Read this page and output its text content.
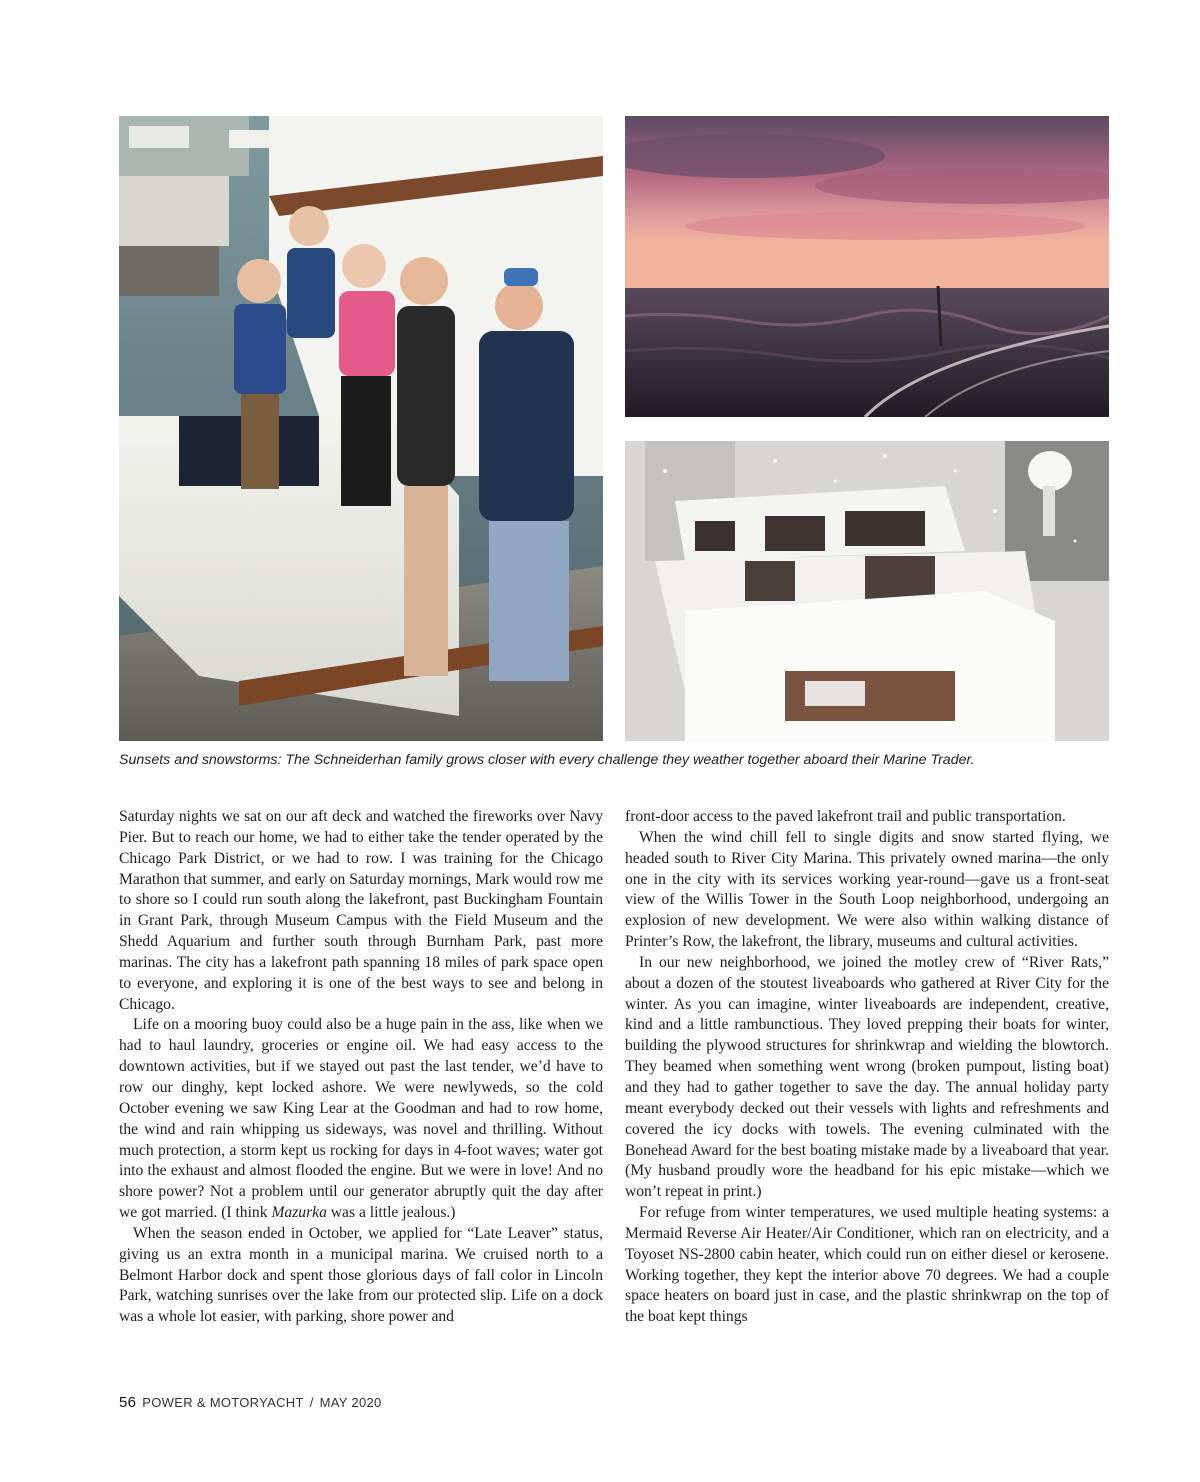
Sunsets and snowstorms: The Schneiderhan family grows closer with every challenge they weather together aboard their Marine Trader.

Saturday nights we sat on our aft deck and watched the fireworks over Navy Pier. But to reach our home, we had to either take the tender operated by the Chicago Park District, or we had to row. I was training for the Chicago Marathon that summer, and early on Saturday mornings, Mark would row me to shore so I could run south along the lakefront, past Buckingham Fountain in Grant Park, through Museum Campus with the Field Museum and the Shedd Aquarium and further south through Burnham Park, past more marinas. The city has a lakefront path spanning 18 miles of park space open to everyone, and exploring it is one of the best ways to see and belong in Chicago.

Life on a mooring buoy could also be a huge pain in the ass, like when we had to haul laundry, groceries or engine oil. We had easy access to the downtown activities, but if we stayed out past the last tender, we’d have to row our dinghy, kept locked ashore. We were newlyweds, so the cold October evening we saw King Lear at the Goodman and had to row home, the wind and rain whipping us sideways, was novel and thrilling. Without much protection, a storm kept us rocking for days in 4-foot waves; water got into the exhaust and almost flooded the engine. But we were in love! And no shore power? Not a problem until our generator abruptly quit the day after we got married. (I think Mazurka was a little jealous.)

When the season ended in October, we applied for “Late Leaver” status, giving us an extra month in a municipal marina. We cruised north to a Belmont Harbor dock and spent those glorious days of fall color in Lincoln Park, watching sunrises over the lake from our protected slip. Life on a dock was a whole lot easier, with parking, shore power and

front-door access to the paved lakefront trail and public transportation.

When the wind chill fell to single digits and snow started flying, we headed south to River City Marina. This privately owned marina—the only one in the city with its services working year-round—gave us a front-seat view of the Willis Tower in the South Loop neighborhood, undergoing an explosion of new development. We were also within walking distance of Printer’s Row, the lakefront, the library, museums and cultural activities.

In our new neighborhood, we joined the motley crew of “River Rats,” about a dozen of the stoutest liveaboards who gathered at River City for the winter. As you can imagine, winter liveaboards are independent, creative, kind and a little rambunctious. They loved prepping their boats for winter, building the plywood structures for shrinkwrap and wielding the blowtorch. They beamed when something went wrong (broken pumpout, listing boat) and they had to gather together to save the day. The annual holiday party meant everybody decked out their vessels with lights and refreshments and covered the icy docks with towels. The evening culminated with the Bonehead Award for the best boating mistake made by a liveaboard that year. (My husband proudly wore the headband for his epic mistake—which we won’t repeat in print.)

For refuge from winter temperatures, we used multiple heating systems: a Mermaid Reverse Air Heater/Air Conditioner, which ran on electricity, and a Toyoset NS-2800 cabin heater, which could run on either diesel or kerosene. Working together, they kept the interior above 70 degrees. We had a couple space heaters on board just in case, and the plastic shrinkwrap on the top of the boat kept things

56 POWER & MOTORYACHT / MAY 2020
